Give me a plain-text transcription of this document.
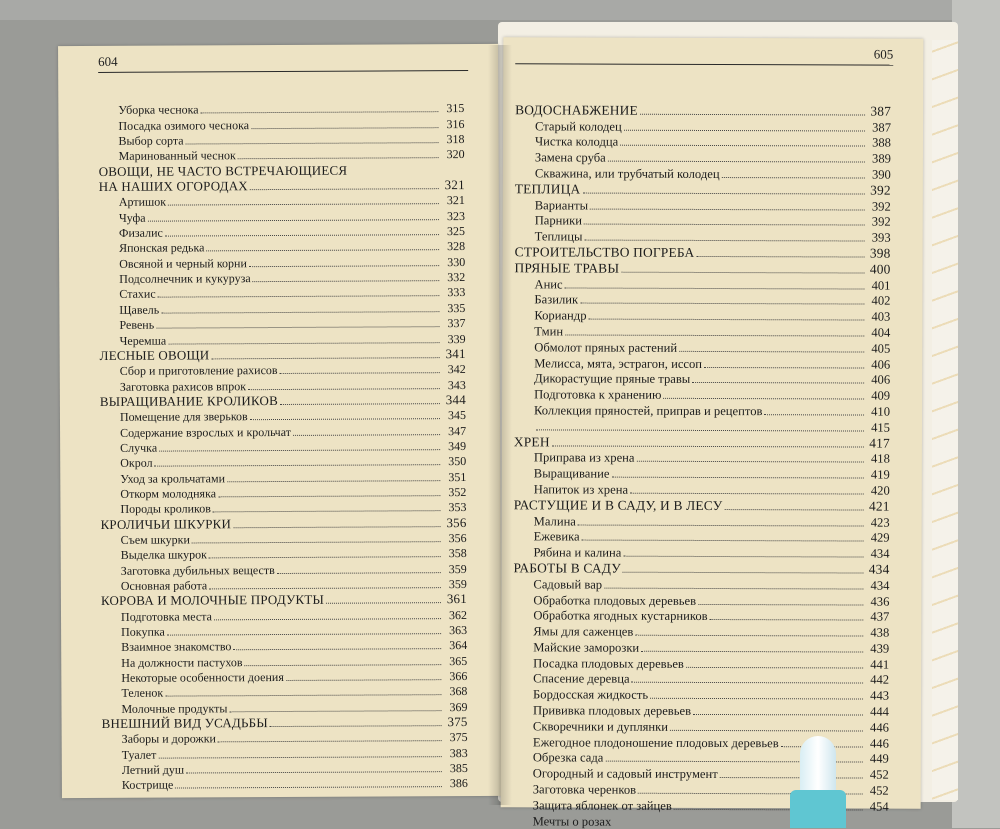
604
Уборка чеснока	315
Посадка озимого чеснока	316
Выбор сорта	318
Маринованный чеснок	320
ОВОЩИ, НЕ ЧАСТО ВСТРЕЧАЮЩИЕСЯ
НА НАШИХ ОГОРОДАХ	321
Артишок	321
Чуфа	323
Физалис	325
Японская редька	328
Овсяной и черный корни	330
Подсолнечник и кукуруза	332
Стахис	333
Щавель	335
Ревень	337
Черемша	339
ЛЕСНЫЕ ОВОЩИ	341
Сбор и приготовление рахисов	342
Заготовка рахисов впрок	343
ВЫРАЩИВАНИЕ КРОЛИКОВ	344
Помещение для зверьков	345
Содержание взрослых и крольчат	347
Случка	349
Окрол	350
Уход за крольчатами	351
Откорм молодняка	352
Породы кроликов	353
КРОЛИЧЬИ ШКУРКИ	356
Съем шкурки	356
Выделка шкурок	358
Заготовка дубильных веществ	359
Основная работа	359
КОРОВА И МОЛОЧНЫЕ ПРОДУКТЫ	361
Подготовка места	362
Покупка	363
Взаимное знакомство	364
На должности пастухов	365
Некоторые особенности доения	366
Теленок	368
Молочные продукты	369
ВНЕШНИЙ ВИД УСАДЬБЫ	375
Заборы и дорожки	375
Туалет	383
Летний душ	385
Кострище	386
605
ВОДОСНАБЖЕНИЕ	387
Старый колодец	387
Чистка колодца	388
Замена сруба	389
Скважина, или трубчатый колодец	390
ТЕПЛИЦА	392
Варианты	392
Парники	392
Теплицы	393
СТРОИТЕЛЬСТВО ПОГРЕБА	398
ПРЯНЫЕ ТРАВЫ	400
Анис	401
Базилик	402
Кориандр	403
Тмин	404
Обмолот пряных растений	405
Мелисса, мята, эстрагон, иссоп	406
Дикорастущие пряные травы	406
Подготовка к хранению	409
Коллекция пряностей, приправ и рецептов	410
415
ХРЕН	417
Приправа из хрена	418
Выращивание	419
Напиток из хрена	420
РАСТУЩИЕ И В САДУ, И В ЛЕСУ	421
Малина	423
Ежевика	429
Рябина и калина	434
РАБОТЫ В САДУ	434
Садовый вар	434
Обработка плодовых деревьев	436
Обработка ягодных кустарников	437
Ямы для саженцев	438
Майские заморозки	439
Посадка плодовых деревьев	441
Спасение деревца	442
Бордосская жидкость	443
Прививка плодовых деревьев	444
Скворечники и дуплянки	446
Ежегодное плодоношение плодовых деревьев	446
Обрезка сада	449
Огородный и садовый инструмент	452
Заготовка черенков	452
Защита яблонек от зайцев	454
Мечты о розах
